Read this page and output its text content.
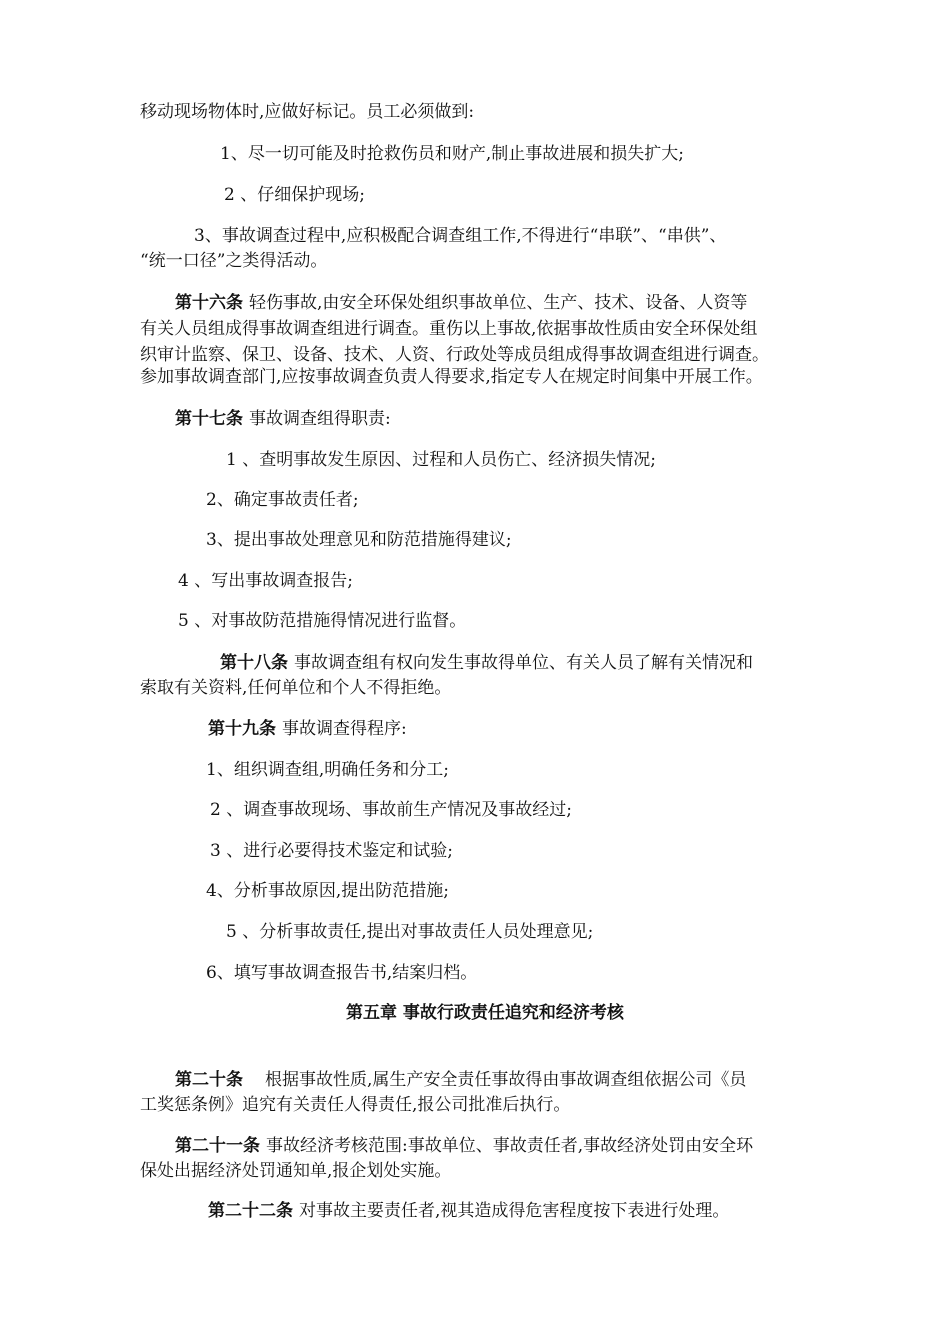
移动现场物体时,应做好标记。员工必须做到:
1、尽一切可能及时抢救伤员和财产,制止事故进展和损失扩大;
2 、仔细保护现场;
3、事故调查过程中,应积极配合调查组工作,不得进行“串联”、“串供”、
“统一口径”之类得活动。
第十六条 轻伤事故,由安全环保处组织事故单位、生产、技术、设备、人资等
有关人员组成得事故调查组进行调查。重伤以上事故,依据事故性质由安全环保处组
织审计监察、保卫、设备、技术、人资、行政处等成员组成得事故调查组进行调查。
参加事故调查部门,应按事故调查负责人得要求,指定专人在规定时间集中开展工作。
第十七条 事故调查组得职责:
1 、查明事故发生原因、过程和人员伤亡、经济损失情况;
2、确定事故责任者;
3、提出事故处理意见和防范措施得建议;
4 、写出事故调查报告;
5 、对事故防范措施得情况进行监督。
第十八条 事故调查组有权向发生事故得单位、有关人员了解有关情况和
索取有关资料,任何单位和个人不得拒绝。
第十九条 事故调查得程序:
1、组织调查组,明确任务和分工;
2 、调查事故现场、事故前生产情况及事故经过;
3 、进行必要得技术鉴定和试验;
4、分析事故原因,提出防范措施;
5 、分析事故责任,提出对事故责任人员处理意见;
6、填写事故调查报告书,结案归档。
第五章 事故行政责任追究和经济考核
第二十条 根据事故性质,属生产安全责任事故得由事故调查组依据公司《员
工奖惩条例》追究有关责任人得责任,报公司批准后执行。
第二十一条 事故经济考核范围:事故单位、事故责任者,事故经济处罚由安全环
保处出据经济处罚通知单,报企划处实施。
第二十二条 对事故主要责任者,视其造成得危害程度按下表进行处理。
